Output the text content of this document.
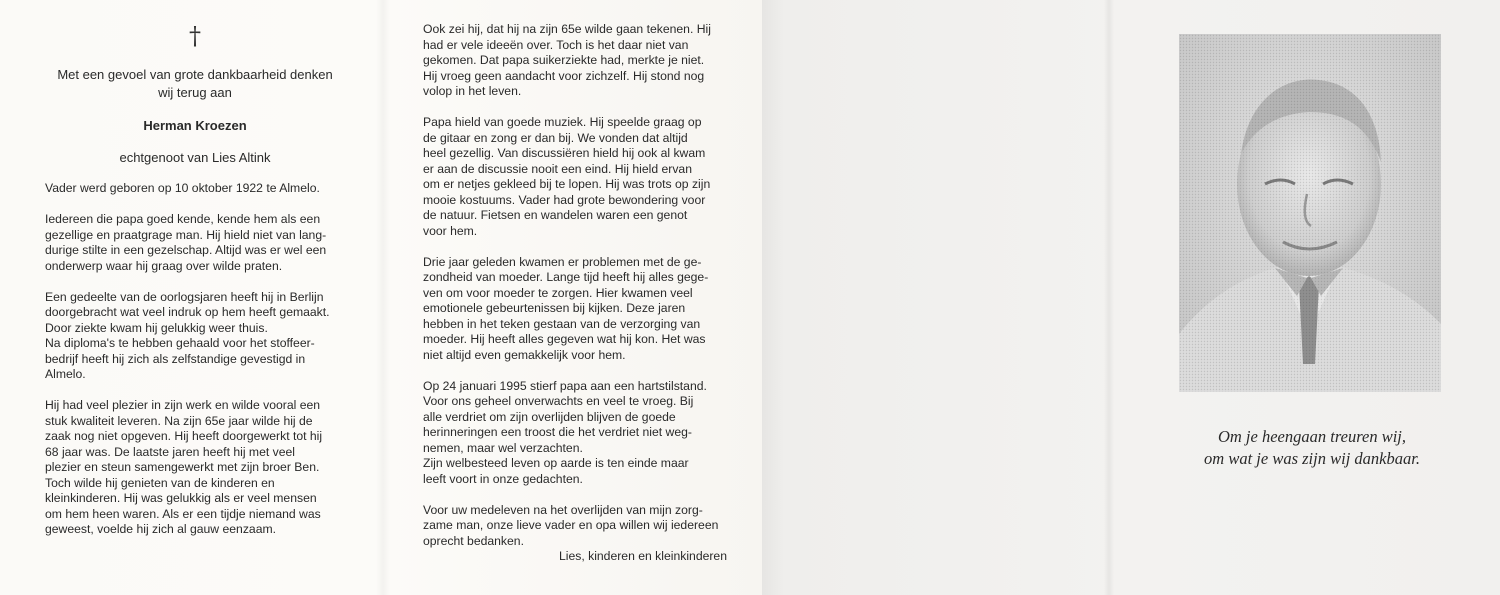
†
Met een gevoel van grote dankbaarheid denken
wij terug aan
Herman Kroezen
echtgenoot van Lies Altink
Vader werd geboren op 10 oktober 1922 te Almelo.
Iedereen die papa goed kende, kende hem als een
gezellige en praatgrage man. Hij hield niet van lang-
durige stilte in een gezelschap. Altijd was er wel een
onderwerp waar hij graag over wilde praten.
Een gedeelte van de oorlogsjaren heeft hij in Berlijn
doorgebracht wat veel indruk op hem heeft gemaakt.
Door ziekte kwam hij gelukkig weer thuis.
Na diploma's te hebben gehaald voor het stoffeer-
bedrijf heeft hij zich als zelfstandige gevestigd in
Almelo.
Hij had veel plezier in zijn werk en wilde vooral een
stuk kwaliteit leveren. Na zijn 65e jaar wilde hij de
zaak nog niet opgeven. Hij heeft doorgewerkt tot hij
68 jaar was. De laatste jaren heeft hij met veel
plezier en steun samengewerkt met zijn broer Ben.
Toch wilde hij genieten van de kinderen en
kleinkinderen. Hij was gelukkig als er veel mensen
om hem heen waren. Als er een tijdje niemand was
geweest, voelde hij zich al gauw eenzaam.
Ook zei hij, dat hij na zijn 65e wilde gaan tekenen. Hij
had er vele ideeën over. Toch is het daar niet van
gekomen. Dat papa suikerziekte had, merkte je niet.
Hij vroeg geen aandacht voor zichzelf. Hij stond nog
volop in het leven.
Papa hield van goede muziek. Hij speelde graag op
de gitaar en zong er dan bij. We vonden dat altijd
heel gezellig. Van discussiëren hield hij ook al kwam
er aan de discussie nooit een eind. Hij hield ervan
om er netjes gekleed bij te lopen. Hij was trots op zijn
mooie kostuums. Vader had grote bewondering voor
de natuur. Fietsen en wandelen waren een genot
voor hem.
Drie jaar geleden kwamen er problemen met de ge-
zondheid van moeder. Lange tijd heeft hij alles gege-
ven om voor moeder te zorgen. Hier kwamen veel
emotionele gebeurtenissen bij kijken. Deze jaren
hebben in het teken gestaan van de verzorging van
moeder. Hij heeft alles gegeven wat hij kon. Het was
niet altijd even gemakkelijk voor hem.
Op 24 januari 1995 stierf papa aan een hartstilstand.
Voor ons geheel onverwachts en veel te vroeg. Bij
alle verdriet om zijn overlijden blijven de goede
herinneringen een troost die het verdriet niet weg-
nemen, maar wel verzachten.
Zijn welbesteed leven op aarde is ten einde maar
leeft voort in onze gedachten.
Voor uw medeleven na het overlijden van mijn zorg-
zame man, onze lieve vader en opa willen wij iedereen
oprecht bedanken.
Lies, kinderen en kleinkinderen
Om je heengaan treuren wij,
om wat je was zijn wij dankbaar.
